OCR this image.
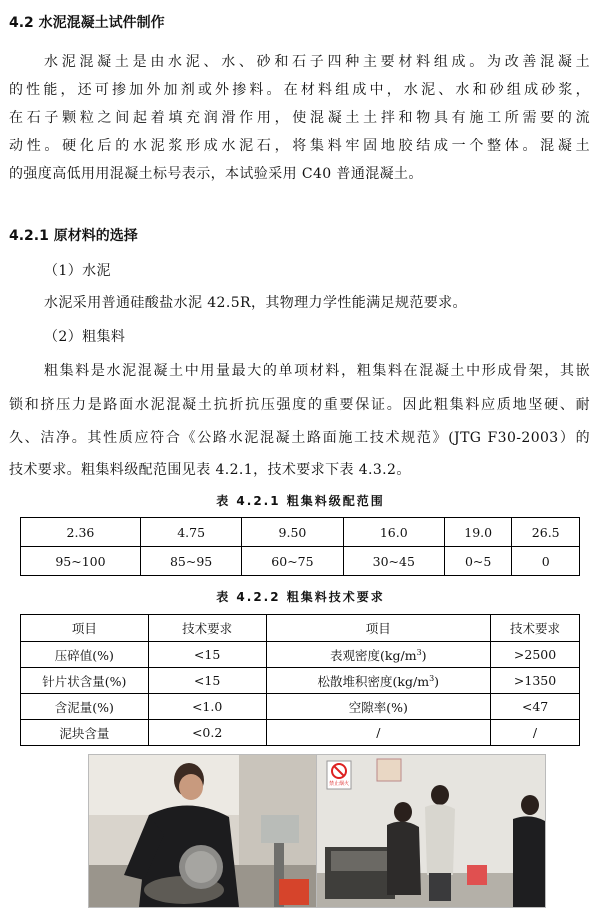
4.2 水泥混凝土试件制作
水泥混凝土是由水泥、水、砂和石子四种主要材料组成。为改善混凝土
的性能，还可掺加外加剂或外掺料。在材料组成中，水泥、水和砂组成砂浆，
在石子颗粒之间起着填充润滑作用，使混凝土土拌和物具有施工所需要的流
动性。硬化后的水泥浆形成水泥石，将集料牢固地胶结成一个整体。混凝土
的强度高低用用混凝土标号表示，本试验采用 C40 普通混凝土。
4.2.1 原材料的选择
（1）水泥
水泥采用普通硅酸盐水泥 42.5R，其物理力学性能满足规范要求。
（2）粗集料
粗集料是水泥混凝土中用量最大的单项材料，粗集料在混凝土中形成骨架，其嵌
锁和挤压力是路面水泥混凝土抗折抗压强度的重要保证。因此粗集料应质地坚硬、耐
久、洁净。其性质应符合《公路水泥混凝土路面施工技术规范》(JTG F30-2003）的
技术要求。粗集料级配范围见表 4.2.1，技术要求下表 4.3.2。
表 4.2.1 粗集料级配范围
2.36	4.75	9.50	16.0	19.0	26.5
95~100	85~95	60~75	30~45	0~5	0
表 4.2.2 粗集料技术要求
项目	技术要求	项目	技术要求
压碎值(%)	<15	表观密度$(kg/m^3)$	>2500
针片状含量(%)	<15	松散堆积密度$(kg/m^3)$	>1350
含泥量(%)	<1.0	空隙率(%)	<47
泥块含量	<0.2	/	/
禁止烟火
